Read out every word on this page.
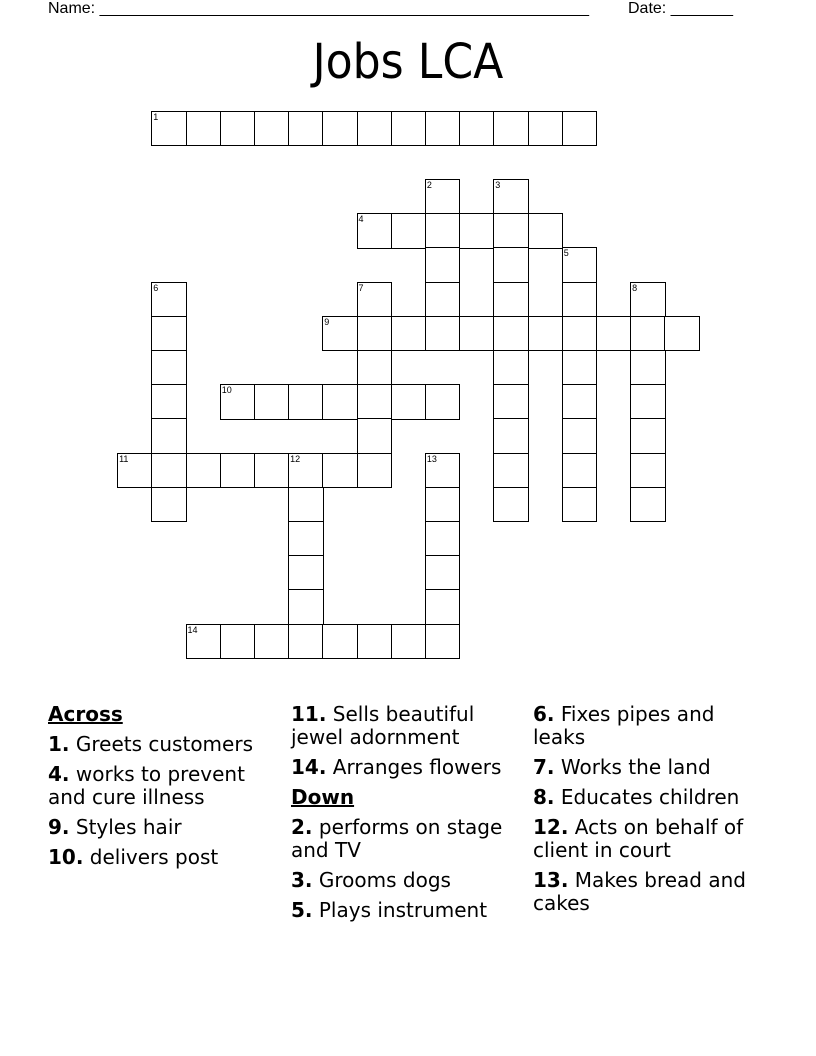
Name: _______________________________________________________ Date: _______
Jobs LCA
1
2	3
4
5
6	7	8
9
10
11	12	13
14

Across

1. Greets customers

4. works to prevent and cure illness

9. Styles hair

10. delivers post

11. Sells beautiful jewel adornment

14. Arranges flowers

Down

2. performs on stage and TV

3. Grooms dogs

5. Plays instrument

6. Fixes pipes and leaks

7. Works the land

8. Educates children

12. Acts on behalf of client in court

13. Makes bread and cakes
